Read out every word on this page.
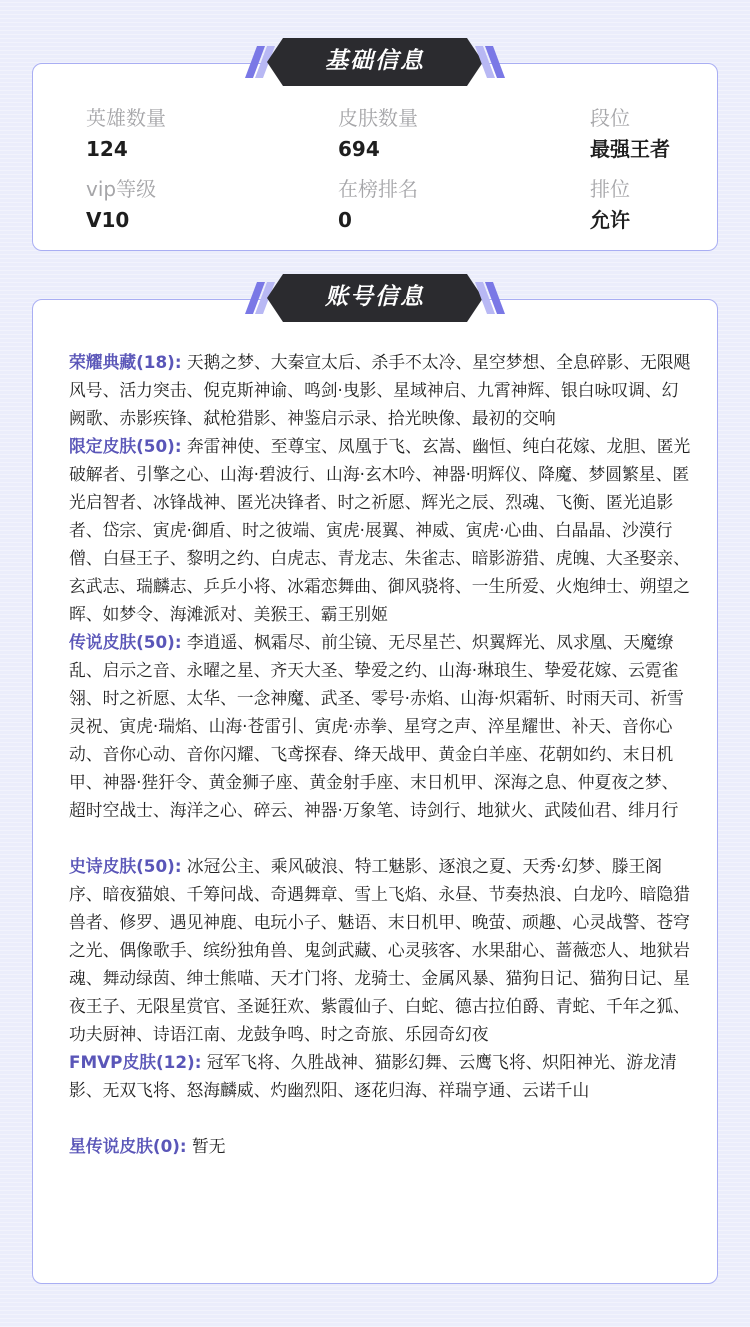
英雄数量
124
皮肤数量
694
段位
最强王者
vip等级
V10
在榜排名
0
排位
允许
基础信息
荣耀典藏(18): 天鹅之梦、大秦宣太后、杀手不太冷、星空梦想、全息碎影、无限飓风号、活力突击、倪克斯神谕、鸣剑·曳影、星域神启、九霄神辉、银白咏叹调、幻阙歌、赤影疾锋、弑枪猎影、神鉴启示录、拾光映像、最初的交响
限定皮肤(50): 奔雷神使、至尊宝、凤凰于飞、玄嵩、幽恒、纯白花嫁、龙胆、匿光破解者、引擎之心、山海·碧波行、山海·玄木吟、神器·明辉仪、降魔、梦圆繁星、匿光启智者、冰锋战神、匿光决锋者、时之祈愿、辉光之辰、烈魂、飞衡、匿光追影者、岱宗、寅虎·御盾、时之彼端、寅虎·展翼、神威、寅虎·心曲、白晶晶、沙漠行僧、白昼王子、黎明之约、白虎志、青龙志、朱雀志、暗影游猎、虎魄、大圣娶亲、玄武志、瑞麟志、乒乒小将、冰霜恋舞曲、御风骁将、一生所爱、火炮绅士、朔望之晖、如梦令、海滩派对、美猴王、霸王别姬
传说皮肤(50): 李逍遥、枫霜尽、前尘镜、无尽星芒、炽翼辉光、凤求凰、天魔缭乱、启示之音、永曜之星、齐天大圣、挚爱之约、山海·琳琅生、挚爱花嫁、云霓雀翎、时之祈愿、太华、一念神魔、武圣、零号·赤焰、山海·炽霜斩、时雨天司、祈雪灵祝、寅虎·瑞焰、山海·苍雷引、寅虎·赤拳、星穹之声、淬星耀世、补天、音你心动、音你心动、音你闪耀、飞鸢探春、绛天战甲、黄金白羊座、花朝如约、末日机甲、神器·狴犴令、黄金狮子座、黄金射手座、末日机甲、深海之息、仲夏夜之梦、超时空战士、海洋之心、碎云、神器·万象笔、诗剑行、地狱火、武陵仙君、绯月行
史诗皮肤(50): 冰冠公主、乘风破浪、特工魅影、逐浪之夏、天秀·幻梦、滕王阁序、暗夜猫娘、千筹问战、奇遇舞章、雪上飞焰、永昼、节奏热浪、白龙吟、暗隐猎兽者、修罗、遇见神鹿、电玩小子、魅语、末日机甲、晚萤、顽趣、心灵战警、苍穹之光、偶像歌手、缤纷独角兽、鬼剑武藏、心灵骇客、水果甜心、蔷薇恋人、地狱岩魂、舞动绿茵、绅士熊喵、天才门将、龙骑士、金属风暴、猫狗日记、猫狗日记、星夜王子、无限星赏官、圣诞狂欢、紫霞仙子、白蛇、德古拉伯爵、青蛇、千年之狐、功夫厨神、诗语江南、龙鼓争鸣、时之奇旅、乐园奇幻夜
FMVP皮肤(12): 冠军飞将、久胜战神、猫影幻舞、云鹰飞将、炽阳神光、游龙清影、无双飞将、怒海麟威、灼幽烈阳、逐花归海、祥瑞亨通、云诺千山
星传说皮肤(0): 暂无
账号信息
